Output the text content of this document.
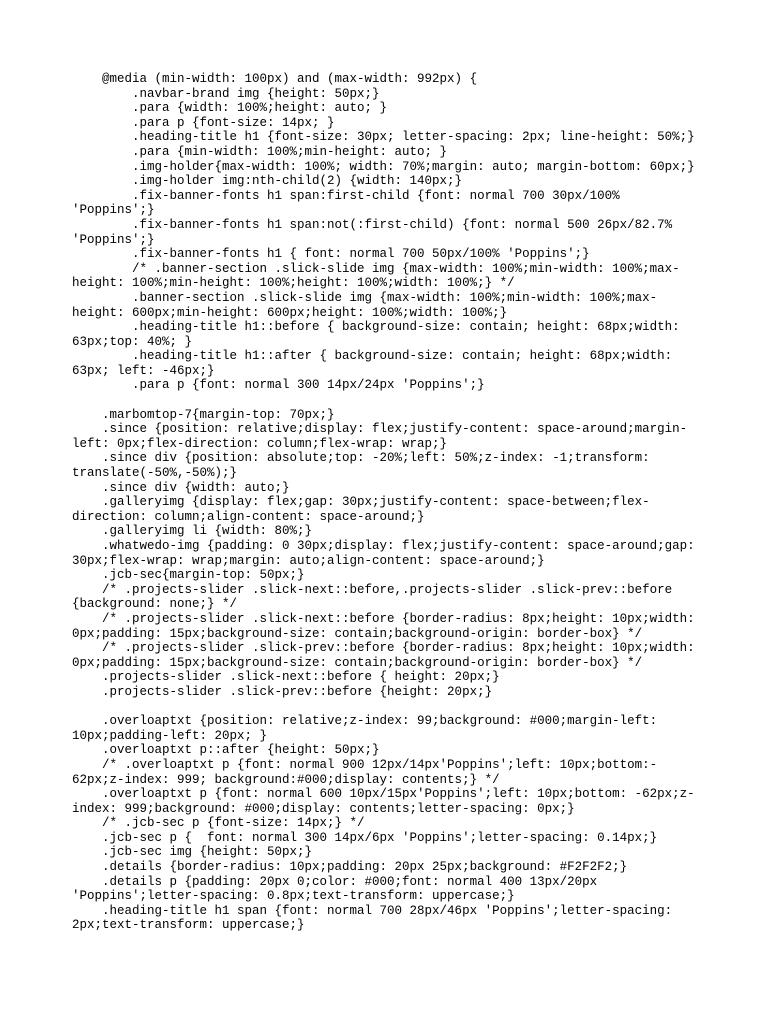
@media (min-width: 100px) and (max-width: 992px) {
.navbar-brand img {height: 50px;}
.para {width: 100%;height: auto; }
.para p {font-size: 14px; }
.heading-title h1 {font-size: 30px; letter-spacing: 2px; line-height: 50%;}
.para {min-width: 100%;min-height: auto; }
.img-holder{max-width: 100%; width: 70%;margin: auto; margin-bottom: 60px;}
.img-holder img:nth-child(2) {width: 140px;}
.fix-banner-fonts h1 span:first-child {font: normal 700 30px/100%
'Poppins';}
.fix-banner-fonts h1 span:not(:first-child) {font: normal 500 26px/82.7%
'Poppins';}
.fix-banner-fonts h1 { font: normal 700 50px/100% 'Poppins';}
/* .banner-section .slick-slide img {max-width: 100%;min-width: 100%;max-
height: 100%;min-height: 100%;height: 100%;width: 100%;} */
.banner-section .slick-slide img {max-width: 100%;min-width: 100%;max-
height: 600px;min-height: 600px;height: 100%;width: 100%;}
.heading-title h1::before { background-size: contain; height: 68px;width:
63px;top: 40%; }
.heading-title h1::after { background-size: contain; height: 68px;width:
63px; left: -46px;}
.para p {font: normal 300 14px/24px 'Poppins';}
.marbomtop-7{margin-top: 70px;}
.since {position: relative;display: flex;justify-content: space-around;margin-
left: 0px;flex-direction: column;flex-wrap: wrap;}
.since div {position: absolute;top: -20%;left: 50%;z-index: -1;transform:
translate(-50%,-50%);}
.since div {width: auto;}
.galleryimg {display: flex;gap: 30px;justify-content: space-between;flex-
direction: column;align-content: space-around;}
.galleryimg li {width: 80%;}
.whatwedo-img {padding: 0 30px;display: flex;justify-content: space-around;gap:
30px;flex-wrap: wrap;margin: auto;align-content: space-around;}
.jcb-sec{margin-top: 50px;}
/* .projects-slider .slick-next::before,.projects-slider .slick-prev::before
{background: none;} */
/* .projects-slider .slick-next::before {border-radius: 8px;height: 10px;width:
0px;padding: 15px;background-size: contain;background-origin: border-box} */
/* .projects-slider .slick-prev::before {border-radius: 8px;height: 10px;width:
0px;padding: 15px;background-size: contain;background-origin: border-box} */
.projects-slider .slick-next::before { height: 20px;}
.projects-slider .slick-prev::before {height: 20px;}
.overloaptxt {position: relative;z-index: 99;background: #000;margin-left:
10px;padding-left: 20px; }
.overloaptxt p::after {height: 50px;}
/* .overloaptxt p {font: normal 900 12px/14px'Poppins';left: 10px;bottom:-
62px;z-index: 999; background:#000;display: contents;} */
.overloaptxt p {font: normal 600 10px/15px'Poppins';left: 10px;bottom: -62px;z-
index: 999;background: #000;display: contents;letter-spacing: 0px;}
/* .jcb-sec p {font-size: 14px;} */
.jcb-sec p {  font: normal 300 14px/6px 'Poppins';letter-spacing: 0.14px;}
.jcb-sec img {height: 50px;}
.details {border-radius: 10px;padding: 20px 25px;background: #F2F2F2;}
.details p {padding: 20px 0;color: #000;font: normal 400 13px/20px
'Poppins';letter-spacing: 0.8px;text-transform: uppercase;}
.heading-title h1 span {font: normal 700 28px/46px 'Poppins';letter-spacing:
2px;text-transform: uppercase;}
